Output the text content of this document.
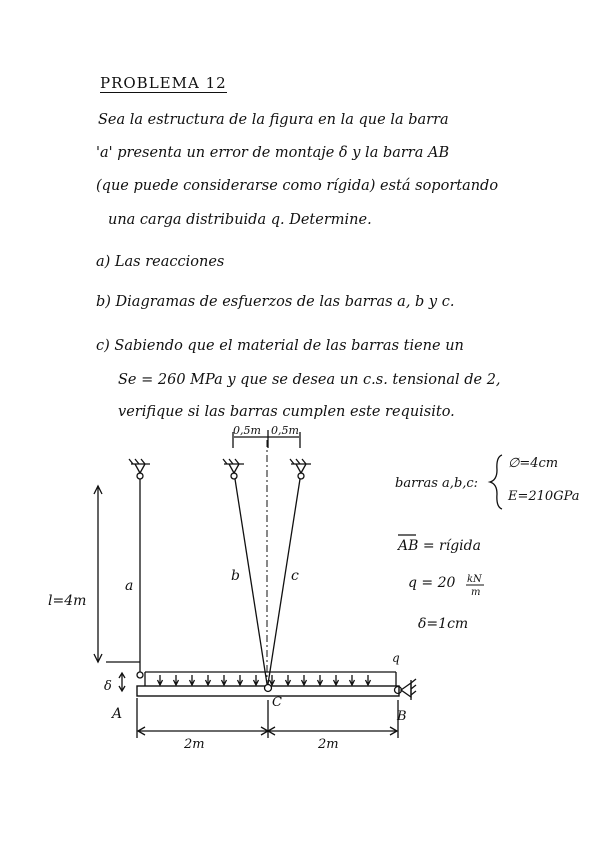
PROBLEMA 12
Sea la estructura de la figura en la que la barra
'a' presenta un error de montaje δ y la barra AB
(que puede considerarse como rígida) está soportando
una carga distribuida q. Determine.
a) Las reacciones
b) Diagramas de esfuerzos de las barras a, b y c.
c) Sabiendo que el material de las barras tiene un
Se = 260 MPa y que se desea un c.s. tensional de 2,
verifique si las barras cumplen este requisito.
0,5m 0,5m
a
b	c
l=4m
δ
q
A
C
B
2m	2m
barras a,b,c:
∅=4cm
E=210GPa
AB = rígida
q = 20 kN
m
δ=1cm
